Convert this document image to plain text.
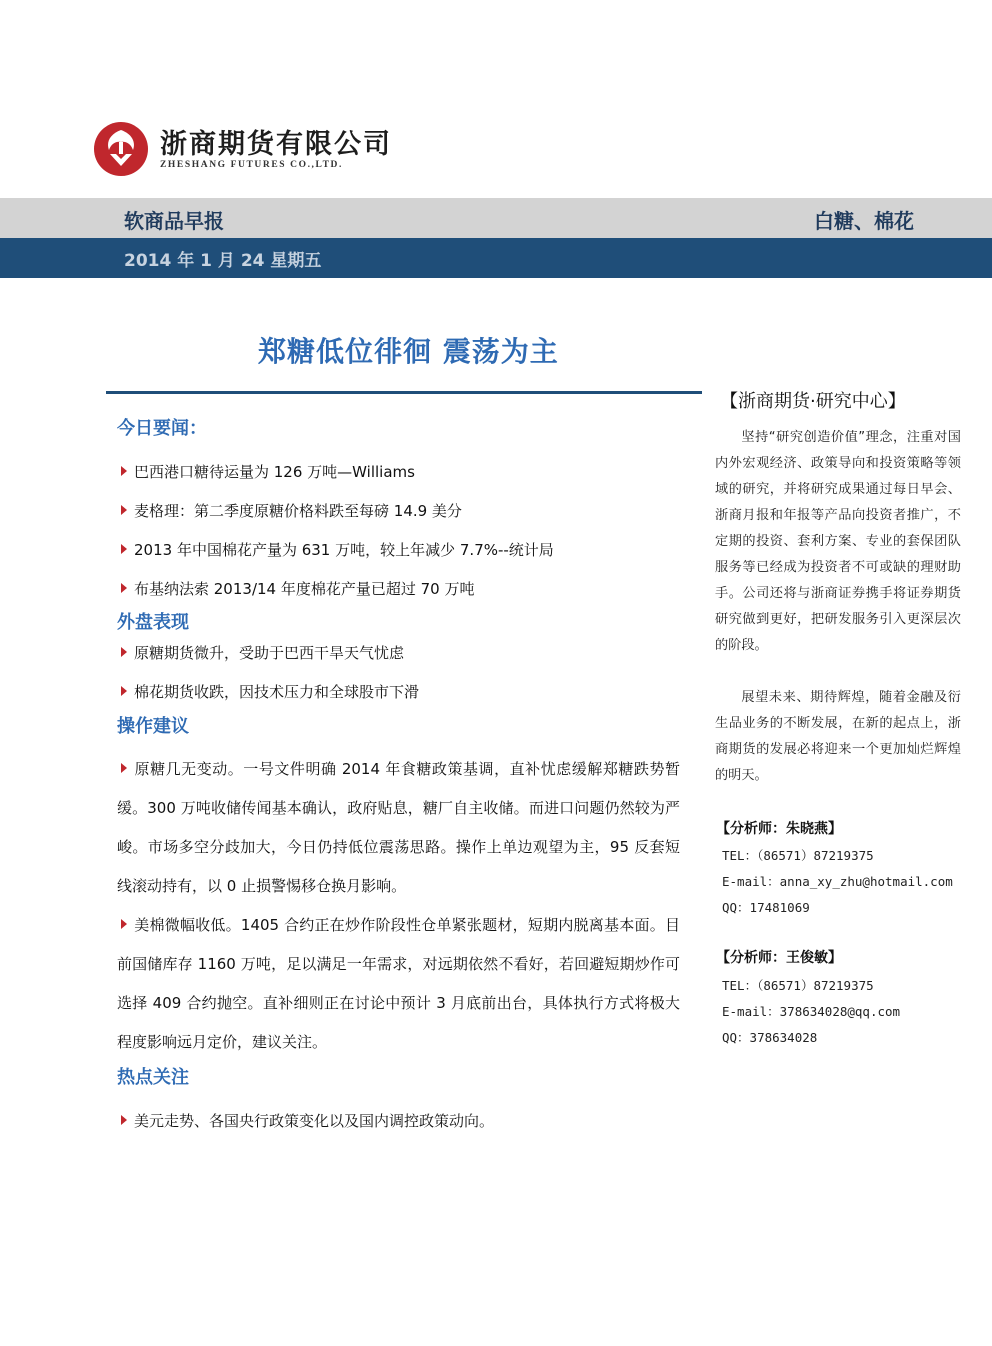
浙商期货有限公司
ZHESHANG FUTURES CO.,LTD.
软商品早报	白糖、棉花
2014 年 1 月 24 星期五
郑糖低位徘徊 震荡为主
今日要闻：
巴西港口糖待运量为 126 万吨—Williams
麦格理：第二季度原糖价格料跌至每磅 14.9 美分
2013 年中国棉花产量为 631 万吨，较上年减少 7.7%--统计局
布基纳法索 2013/14 年度棉花产量已超过 70 万吨
外盘表现
原糖期货微升，受助于巴西干旱天气忧虑
棉花期货收跌，因技术压力和全球股市下滑
操作建议
原糖几无变动。一号文件明确 2014 年食糖政策基调，直补忧虑缓解郑糖跌势暂缓。300 万吨收储传闻基本确认，政府贴息，糖厂自主收储。而进口问题仍然较为严峻。市场多空分歧加大，今日仍持低位震荡思路。操作上单边观望为主，95 反套短线滚动持有，以 0 止损警惕移仓换月影响。
美棉微幅收低。1405 合约正在炒作阶段性仓单紧张题材，短期内脱离基本面。目前国储库存 1160 万吨，足以满足一年需求，对远期依然不看好，若回避短期炒作可选择 409 合约抛空。直补细则正在讨论中预计 3 月底前出台，具体执行方式将极大程度影响远月定价，建议关注。
热点关注
美元走势、各国央行政策变化以及国内调控政策动向。
【浙商期货·研究中心】
坚持“研究创造价值”理念，注重对国内外宏观经济、政策导向和投资策略等领域的研究，并将研究成果通过每日早会、浙商月报和年报等产品向投资者推广，不定期的投资、套利方案、专业的套保团队服务等已经成为投资者不可或缺的理财助手。公司还将与浙商证券携手将证券期货研究做到更好，把研发服务引入更深层次的阶段。
展望未来、期待辉煌，随着金融及衍生品业务的不断发展，在新的起点上，浙商期货的发展必将迎来一个更加灿烂辉煌的明天。
【分析师：朱晓燕】
TEL：（86571）87219375
E-mail：anna_xy_zhu@hotmail.com
QQ：17481069
【分析师：王俊敏】
TEL：（86571）87219375
E-mail：378634028@qq.com
QQ：378634028
